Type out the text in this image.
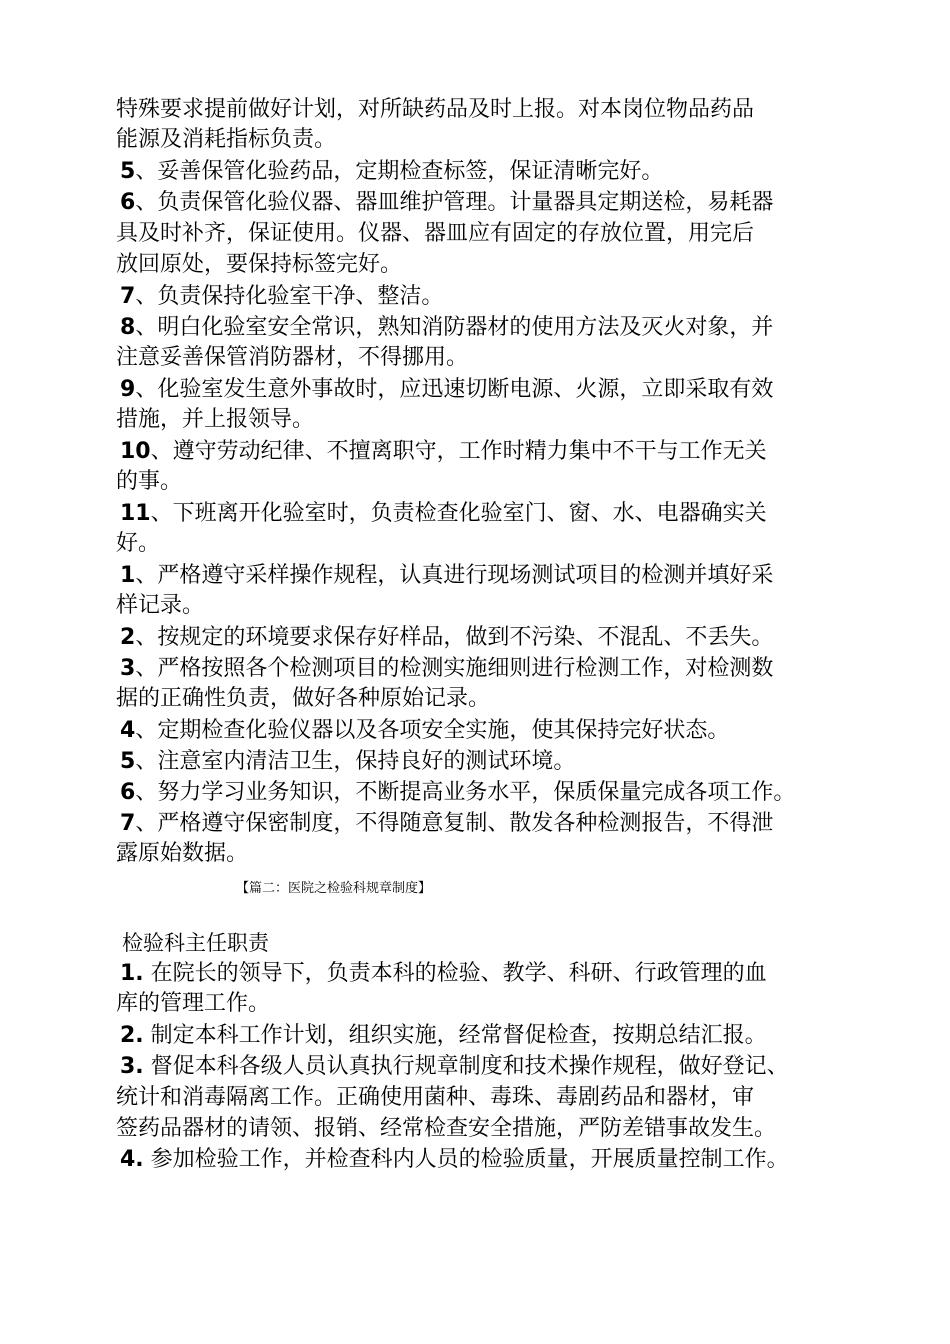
特殊要求提前做好计划，对所缺药品及时上报。对本岗位物品药品
能源及消耗指标负责。
5、妥善保管化验药品，定期检查标签，保证清晰完好。
6、负责保管化验仪器、器皿维护管理。计量器具定期送检，易耗器
具及时补齐，保证使用。仪器、器皿应有固定的存放位置，用完后
放回原处，要保持标签完好。
7、负责保持化验室干净、整洁。
8、明白化验室安全常识，熟知消防器材的使用方法及灭火对象，并
注意妥善保管消防器材，不得挪用。
9、化验室发生意外事故时，应迅速切断电源、火源，立即采取有效
措施，并上报领导。
10、遵守劳动纪律、不擅离职守，工作时精力集中不干与工作无关
的事。
11、下班离开化验室时，负责检查化验室门、窗、水、电器确实关
好。
1、严格遵守采样操作规程，认真进行现场测试项目的检测并填好采
样记录。
2、按规定的环境要求保存好样品，做到不污染、不混乱、不丢失。
3、严格按照各个检测项目的检测实施细则进行检测工作，对检测数
据的正确性负责，做好各种原始记录。
4、定期检查化验仪器以及各项安全实施，使其保持完好状态。
5、注意室内清洁卫生，保持良好的测试环境。
6、努力学习业务知识，不断提高业务水平，保质保量完成各项工作。
7、严格遵守保密制度，不得随意复制、散发各种检测报告，不得泄
露原始数据。
【篇二：医院之检验科规章制度】
检验科主任职责
1. 在院长的领导下，负责本科的检验、教学、科研、行政管理的血
库的管理工作。
2. 制定本科工作计划，组织实施，经常督促检查，按期总结汇报。
3. 督促本科各级人员认真执行规章制度和技术操作规程，做好登记、
统计和消毒隔离工作。正确使用菌种、毒珠、毒剧药品和器材，审
签药品器材的请领、报销、经常检查安全措施，严防差错事故发生。
4. 参加检验工作，并检查科内人员的检验质量，开展质量控制工作。
